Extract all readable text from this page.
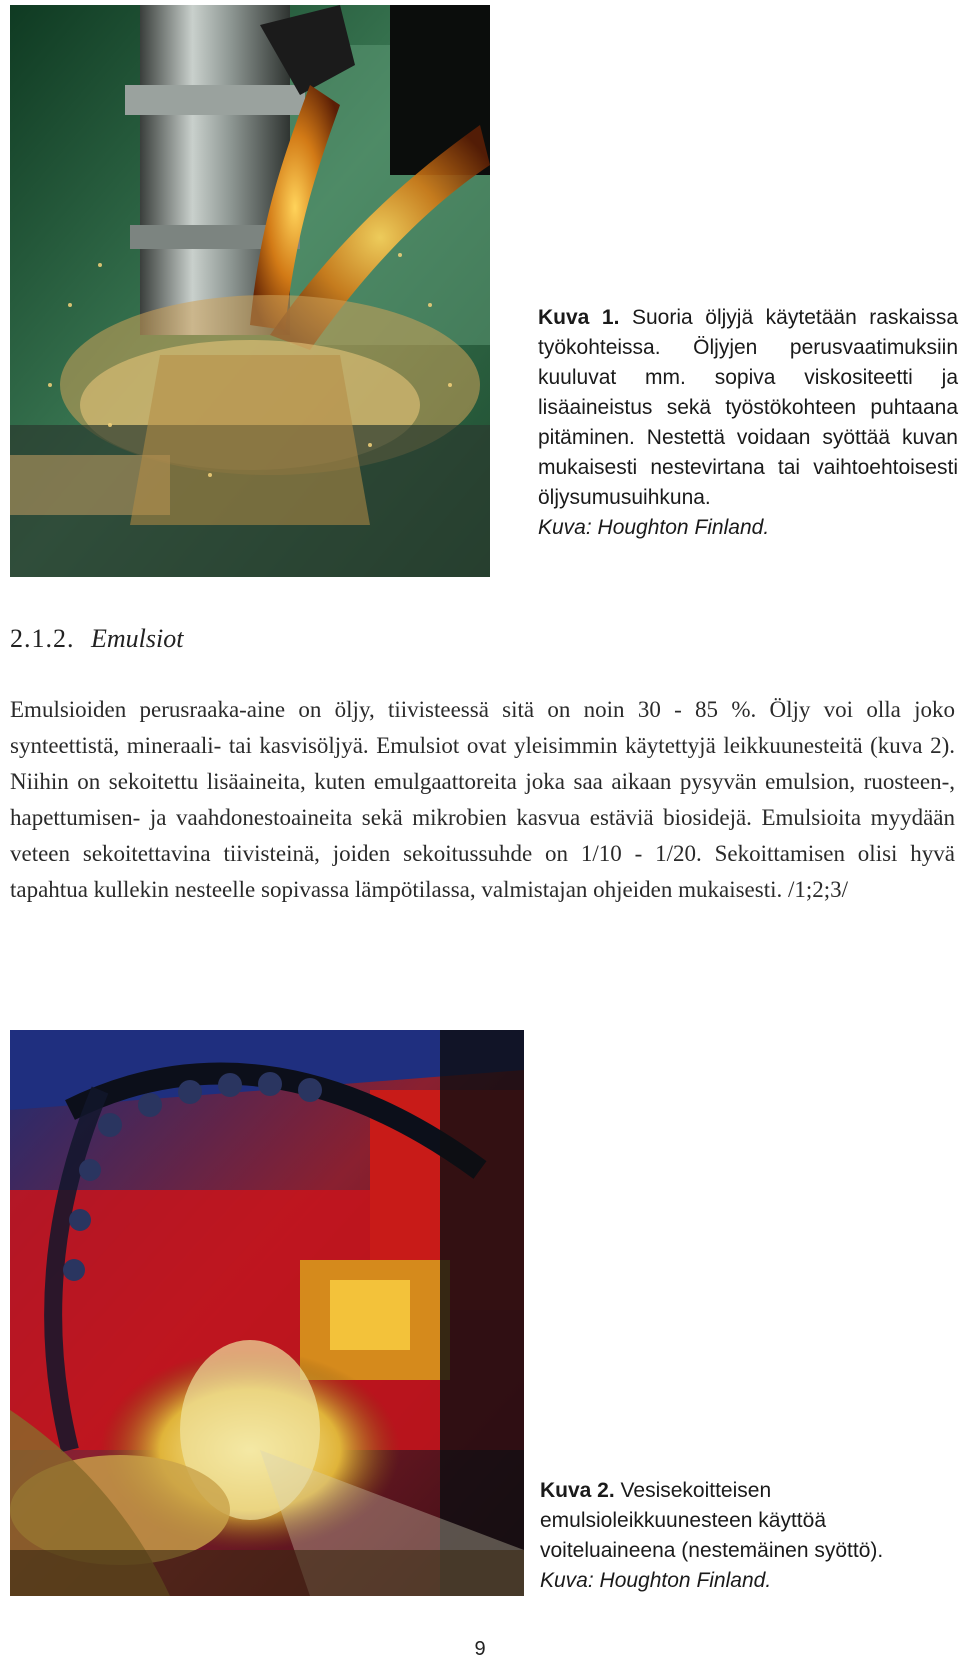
Kuva 1. Suoria öljyjä käytetään raskaissa työkohteissa. Öljyjen perusvaatimuksiin kuuluvat mm. sopiva viskositeetti ja lisäaineistus sekä työstökohteen puhtaana pitäminen. Nestettä voidaan syöttää kuvan mukaisesti nestevirtana tai vaihtoehtoisesti öljysumusuihkuna.
Kuva: Houghton Finland.
2.1.2. Emulsiot

Emulsioiden perusraaka-aine on öljy, tiivisteessä sitä on noin 30 - 85 %. Öljy voi olla joko synteettistä, mineraali- tai kasvisöljyä. Emulsiot ovat yleisimmin käytettyjä leikkuunesteitä (kuva 2). Niihin on sekoitettu lisäaineita, kuten emulgaattoreita joka saa aikaan pysyvän emulsion, ruosteen-, hapettumisen- ja vaahdonestoaineita sekä mikrobien kasvua estäviä biosidejä. Emulsioita myydään veteen sekoitettavina tiivisteinä, joiden sekoitussuhde on 1/10 - 1/20. Sekoittamisen olisi hyvä tapahtua kullekin nesteelle sopivassa lämpötilassa, valmistajan ohjeiden mukaisesti. /1;2;3/

Kuva 2. Vesisekoitteisen emulsioleikkuunesteen käyttöä voiteluaineena (nestemäinen syöttö).
Kuva: Houghton Finland.
9
